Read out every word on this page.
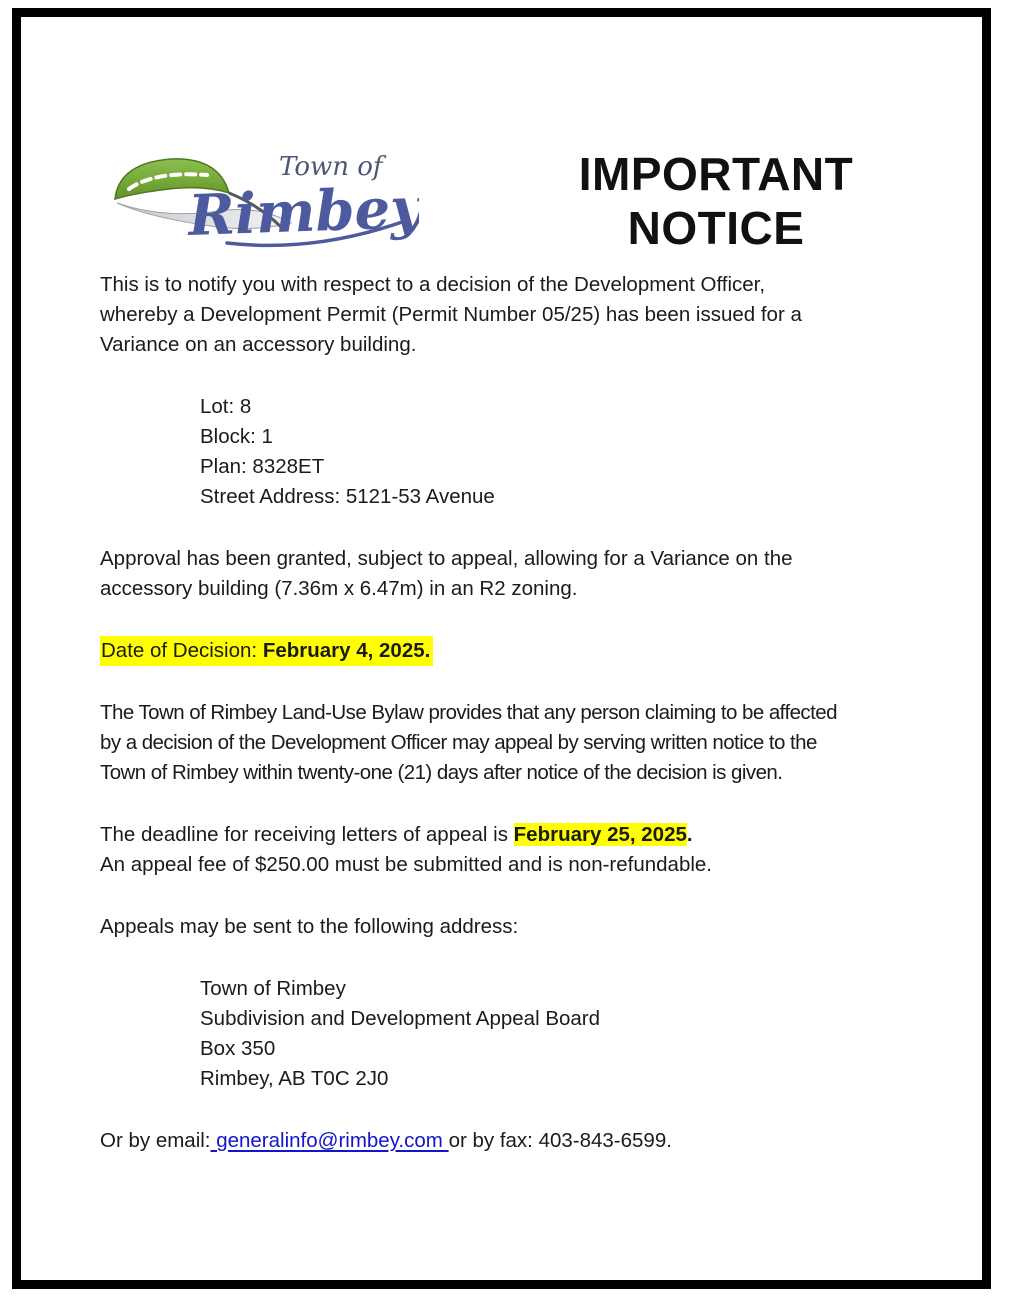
Town of
Rimbey
IMPORTANT
NOTICE
This is to notify you with respect to a decision of the Development Officer,
whereby a Development Permit (Permit Number 05/25) has been issued for a
Variance on an accessory building.
Lot: 8
Block: 1
Plan: 8328ET
Street Address: 5121-53 Avenue
Approval has been granted, subject to appeal, allowing for a Variance on the
accessory building (7.36m x 6.47m) in an R2 zoning.
Date of Decision: February 4, 2025.
The Town of Rimbey Land-Use Bylaw provides that any person claiming to be affected
by a decision of the Development Officer may appeal by serving written notice to the
Town of Rimbey within twenty-one (21) days after notice of the decision is given.
The deadline for receiving letters of appeal is February 25, 2025.
An appeal fee of $250.00 must be submitted and is non-refundable.
Appeals may be sent to the following address:
Town of Rimbey
Subdivision and Development Appeal Board
Box 350
Rimbey, AB T0C 2J0
Or by email: generalinfo@rimbey.com or by fax: 403-843-6599.
